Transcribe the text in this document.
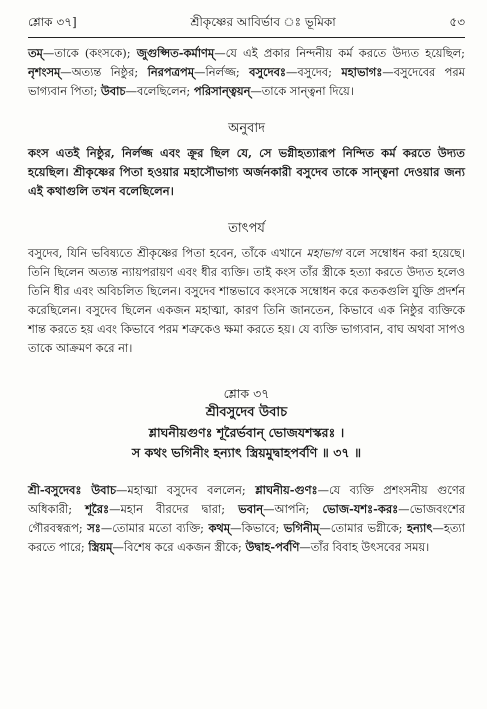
শ্লোক ৩৭]	শ্রীকৃষ্ণের আবির্ভাব ঃ ভূমিকা	৫৩

তম্—তাকে (কংসকে); জুগুপ্সিত-কর্মাণম্—যে এই প্রকার নিন্দনীয় কর্ম করতে উদ্যত হয়েছিল; নৃশংসম্—অত্যন্ত নিষ্ঠুর; নিরপত্রপম্—নির্লজ্জ; বসুদেবঃ—বসুদেব; মহাভাগঃ—বসুদেবের পরম ভাগ্যবান পিতা; উবাচ—বলেছিলেন; পরিসান্ত্বয়ন্—তাকে সান্ত্বনা দিয়ে।

অনুবাদ

কংস এতই নিষ্ঠুর, নির্লজ্জ এবং ক্রূর ছিল যে, সে ভগ্নীহত্যারূপ নিন্দিত কর্ম করতে উদ্যত হয়েছিল। শ্রীকৃষ্ণের পিতা হওয়ার মহাসৌভাগ্য অর্জনকারী বসুদেব তাকে সান্ত্বনা দেওয়ার জন্য এই কথাগুলি তখন বলেছিলেন।

তাৎপর্য

বসুদেব, যিনি ভবিষ্যতে শ্রীকৃষ্ণের পিতা হবেন, তাঁকে এখানে মহাভাগ বলে সম্বোধন করা হয়েছে। তিনি ছিলেন অত্যন্ত ন্যায়পরায়ণ এবং ধীর ব্যক্তি। তাই কংস তাঁর স্ত্রীকে হত্যা করতে উদ্যত হলেও তিনি ধীর এবং অবিচলিত ছিলেন। বসুদেব শান্তভাবে কংসকে সম্বোধন করে কতকগুলি যুক্তি প্রদর্শন করেছিলেন। বসুদেব ছিলেন একজন মহাত্মা, কারণ তিনি জানতেন, কিভাবে এক নিষ্ঠুর ব্যক্তিকে শান্ত করতে হয় এবং কিভাবে পরম শত্রুকেও ক্ষমা করতে হয়। যে ব্যক্তি ভাগ্যবান, বাঘ অথবা সাপও তাকে আক্রমণ করে না।

শ্লোক ৩৭
শ্রীবসুদেব উবাচ
শ্লাঘনীয়গুণঃ শূরৈর্ভবান্ ভোজযশস্করঃ ।
স কথং ভগিনীং হন্যাৎ স্ত্রিয়মুদ্বাহপর্বণি ॥ ৩৭ ॥

শ্রী-বসুদেবঃ উবাচ—মহাত্মা বসুদেব বললেন; শ্লাঘনীয়-গুণঃ—যে ব্যক্তি প্রশংসনীয় গুণের অধিকারী; শূরৈঃ—মহান বীরদের দ্বারা; ভবান্—আপনি; ভোজ-যশঃ-করঃ—ভোজবংশের গৌরবস্বরূপ; সঃ—তোমার মতো ব্যক্তি; কথম্—কিভাবে; ভগিনীম্—তোমার ভগ্নীকে; হন্যাৎ—হত্যা করতে পারে; স্ত্রিয়ম্—বিশেষ করে একজন স্ত্রীকে; উদ্বাহ-পর্বণি—তাঁর বিবাহ উৎসবের সময়।
